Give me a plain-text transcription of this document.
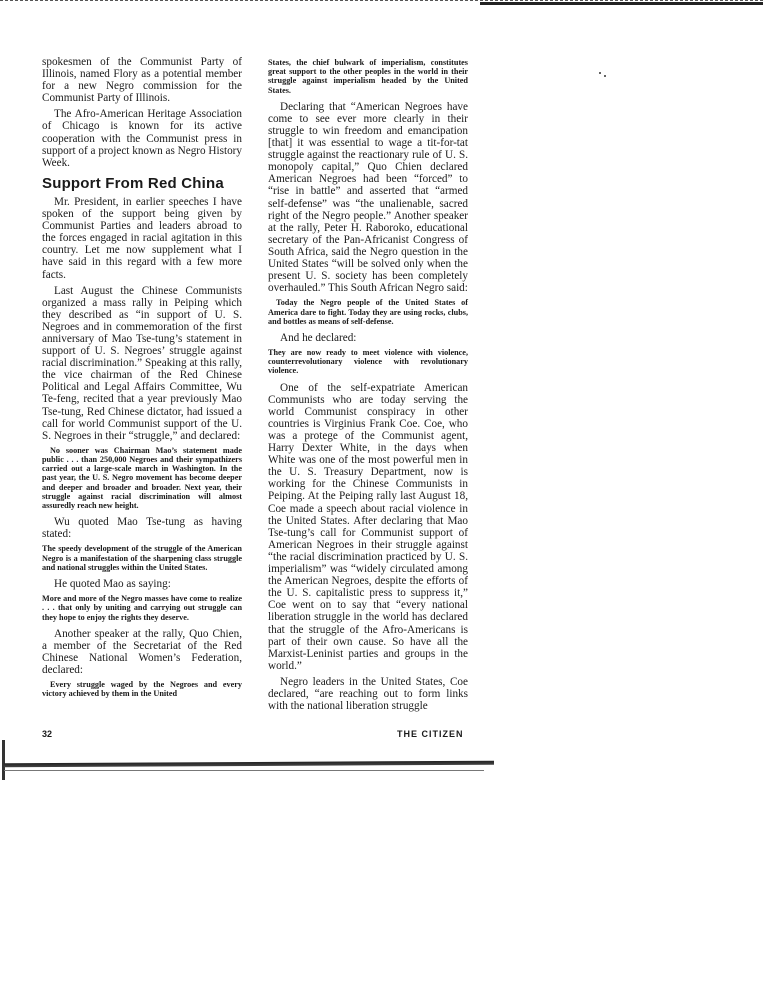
spokesmen of the Communist Party of Illinois, named Flory as a potential member for a new Negro commission for the Communist Party of Illinois.

The Afro-American Heritage Association of Chicago is known for its active cooperation with the Communist press in support of a project known as Negro History Week.

Support From Red China

Mr. President, in earlier speeches I have spoken of the support being given by Communist Parties and leaders abroad to the forces engaged in racial agitation in this country. Let me now supplement what I have said in this regard with a few more facts.

Last August the Chinese Communists organized a mass rally in Peiping which they described as “in support of U. S. Negroes and in commemoration of the first anniversary of Mao Tse-tung’s statement in support of U. S. Negroes’ struggle against racial discrimination.” Speaking at this rally, the vice chairman of the Red Chinese Political and Legal Affairs Committee, Wu Te-feng, recited that a year previously Mao Tse-tung, Red Chinese dictator, had issued a call for world Communist support of the U. S. Negroes in their “struggle,” and declared:

No sooner was Chairman Mao’s statement made public . . . than 250,000 Negroes and their sympathizers carried out a large-scale march in Washington. In the past year, the U. S. Negro movement has become deeper and deeper and broader and broader. Next year, their struggle against racial discrimination will almost assuredly reach new height.

Wu quoted Mao Tse-tung as having stated:

The speedy development of the struggle of the American Negro is a manifestation of the sharpening class struggle and national struggles within the United States.

He quoted Mao as saying:

More and more of the Negro masses have come to realize . . . that only by uniting and carrying out struggle can they hope to enjoy the rights they deserve.

Another speaker at the rally, Quo Chien, a member of the Secretariat of the Red Chinese National Women’s Federation, declared:

Every struggle waged by the Negroes and every victory achieved by them in the United

States, the chief bulwark of imperialism, constitutes great support to the other peoples in the world in their struggle against imperialism headed by the United States.

Declaring that “American Negroes have come to see ever more clearly in their struggle to win freedom and emancipation [that] it was essential to wage a tit-for-tat struggle against the reactionary rule of U. S. monopoly capital,” Quo Chien declared American Negroes had been “forced” to “rise in battle” and asserted that “armed self-defense” was “the unalienable, sacred right of the Negro people.” Another speaker at the rally, Peter H. Raboroko, educational secretary of the Pan-Africanist Congress of South Africa, said the Negro question in the United States “will be solved only when the present U. S. society has been completely overhauled.” This South African Negro said:

Today the Negro people of the United States of America dare to fight. Today they are using rocks, clubs, and bottles as means of self-defense.

And he declared:

They are now ready to meet violence with violence, counterrevolutionary violence with revolutionary violence.

One of the self-expatriate American Communists who are today serving the world Communist conspiracy in other countries is Virginius Frank Coe. Coe, who was a protege of the Communist agent, Harry Dexter White, in the days when White was one of the most powerful men in the U. S. Treasury Department, now is working for the Chinese Communists in Peiping. At the Peiping rally last August 18, Coe made a speech about racial violence in the United States. After declaring that Mao Tse-tung’s call for Communist support of American Negroes in their struggle against “the racial discrimination practiced by U. S. imperialism” was “widely circulated among the American Negroes, despite the efforts of the U. S. capitalistic press to suppress it,” Coe went on to say that “every national liberation struggle in the world has declared that the struggle of the Afro-Americans is part of their own cause. So have all the Marxist-Leninist parties and groups in the world.”

Negro leaders in the United States, Coe declared, “are reaching out to form links with the national liberation struggle

32	THE CITIZEN
